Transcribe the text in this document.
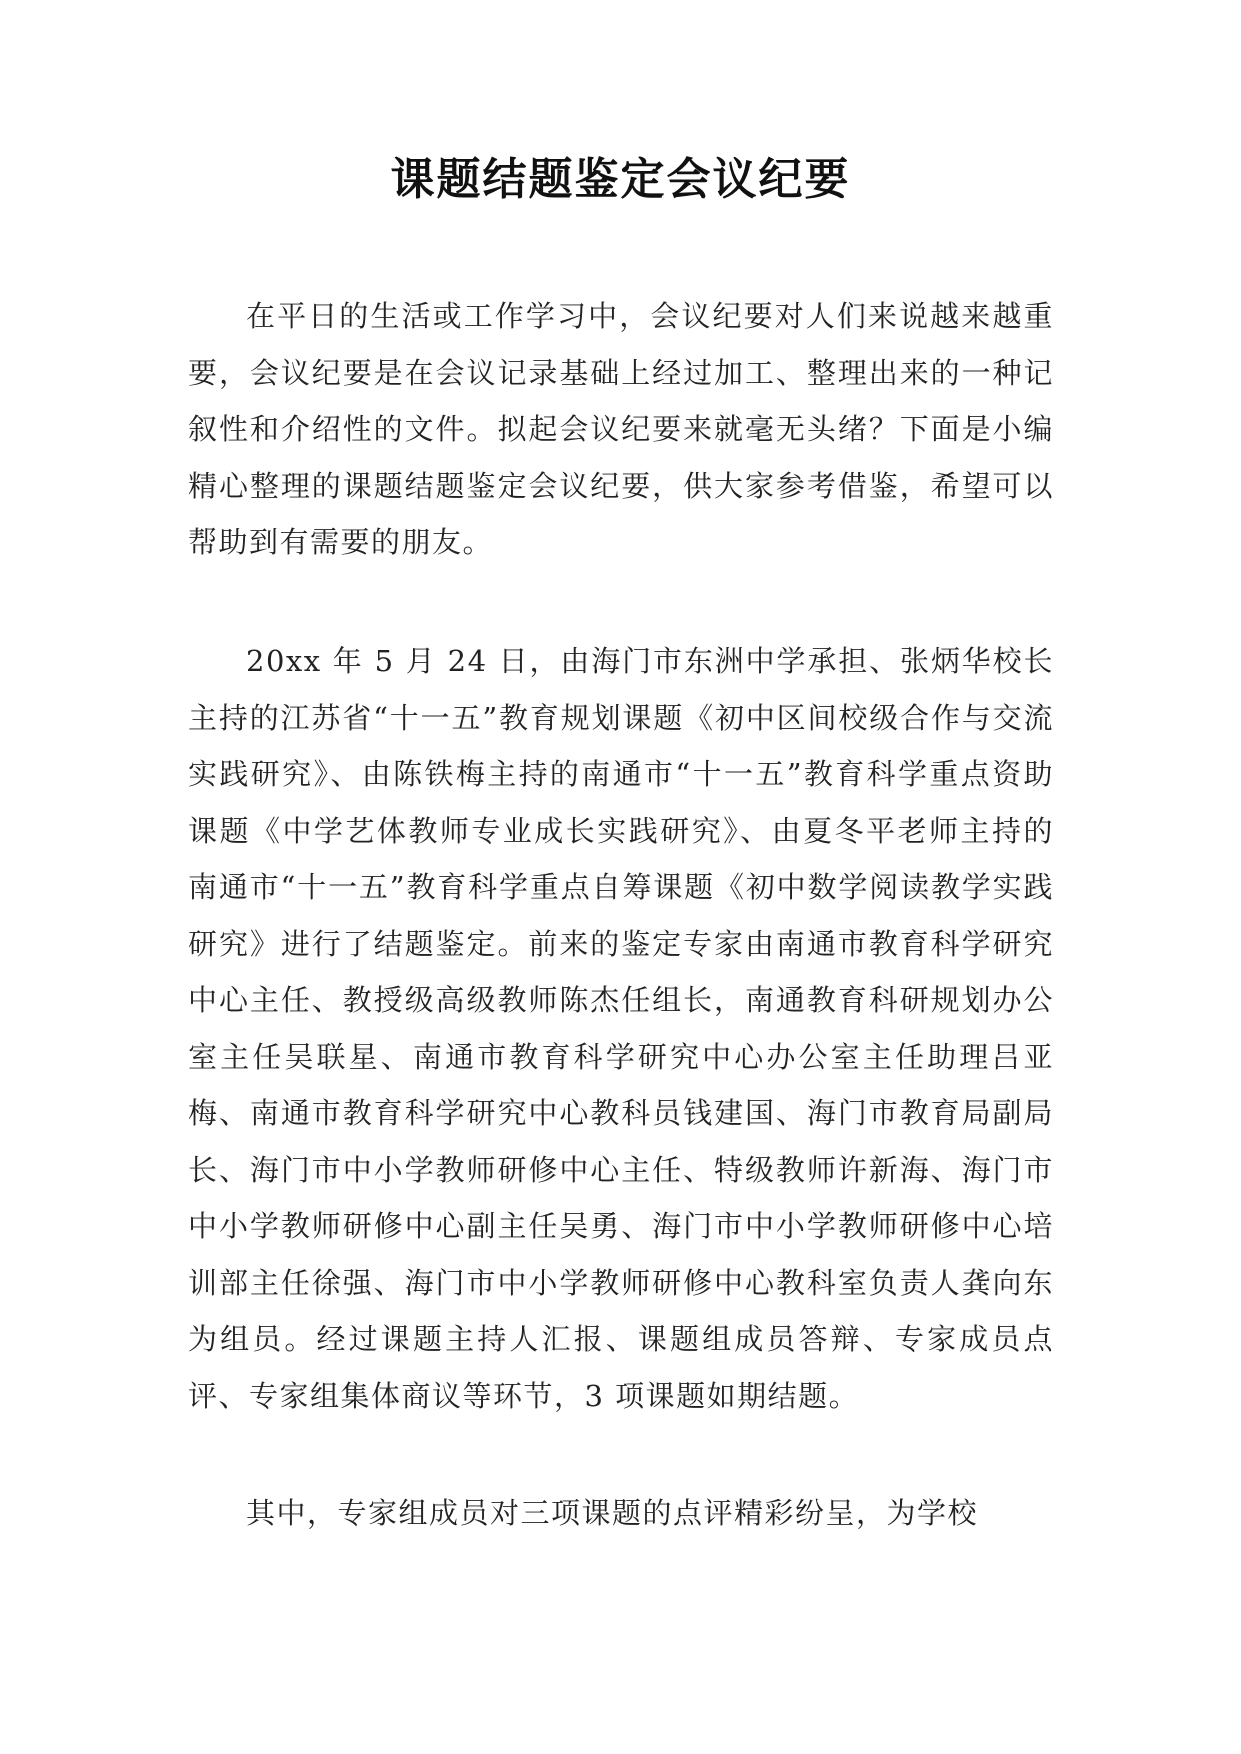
课题结题鉴定会议纪要

在平日的生活或工作学习中，会议纪要对人们来说越来越重要，会议纪要是在会议记录基础上经过加工、整理出来的一种记叙性和介绍性的文件。拟起会议纪要来就毫无头绪？下面是小编精心整理的课题结题鉴定会议纪要，供大家参考借鉴，希望可以帮助到有需要的朋友。

20xx 年 5 月 24 日，由海门市东洲中学承担、张炳华校长主持的江苏省“十一五”教育规划课题《初中区间校级合作与交流实践研究》、由陈铁梅主持的南通市“十一五”教育科学重点资助课题《中学艺体教师专业成长实践研究》、由夏冬平老师主持的南通市“十一五”教育科学重点自筹课题《初中数学阅读教学实践研究》进行了结题鉴定。前来的鉴定专家由南通市教育科学研究中心主任、教授级高级教师陈杰任组长，南通教育科研规划办公室主任吴联星、南通市教育科学研究中心办公室主任助理吕亚梅、南通市教育科学研究中心教科员钱建国、海门市教育局副局长、海门市中小学教师研修中心主任、特级教师许新海、海门市中小学教师研修中心副主任吴勇、海门市中小学教师研修中心培训部主任徐强、海门市中小学教师研修中心教科室负责人龚向东为组员。经过课题主持人汇报、课题组成员答辩、专家成员点评、专家组集体商议等环节，3 项课题如期结题。

其中，专家组成员对三项课题的点评精彩纷呈，为学校
